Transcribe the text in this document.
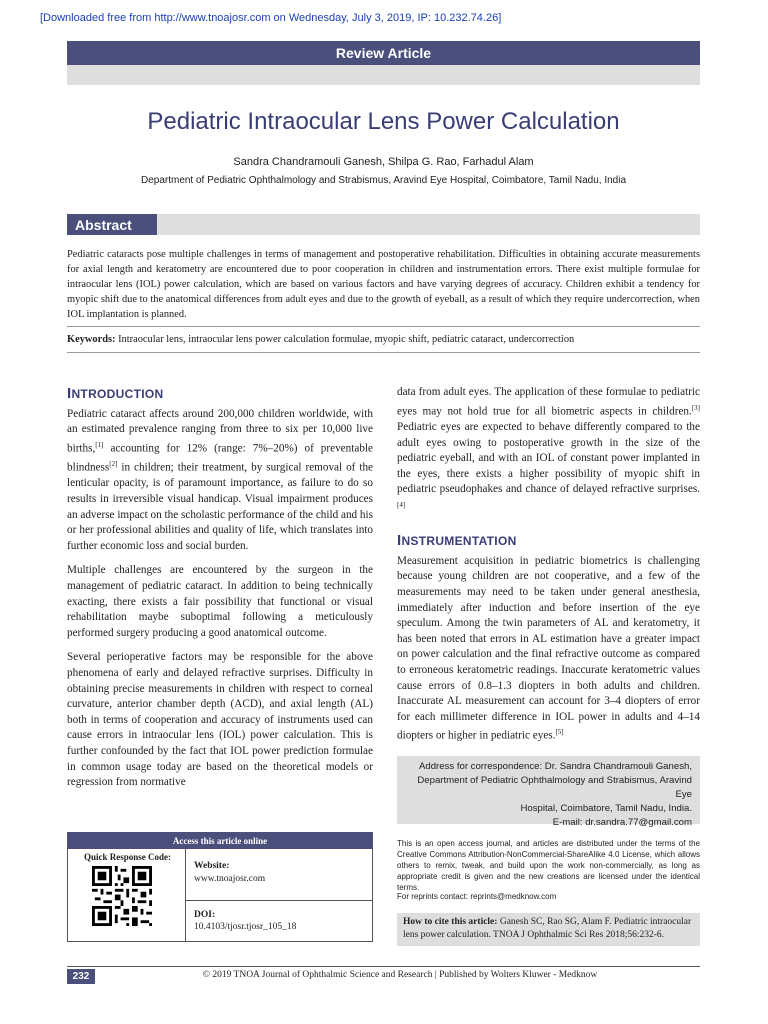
[Downloaded free from http://www.tnoajosr.com on Wednesday, July 3, 2019, IP: 10.232.74.26]
Review Article
Pediatric Intraocular Lens Power Calculation
Sandra Chandramouli Ganesh, Shilpa G. Rao, Farhadul Alam
Department of Pediatric Ophthalmology and Strabismus, Aravind Eye Hospital, Coimbatore, Tamil Nadu, India
Abstract
Pediatric cataracts pose multiple challenges in terms of management and postoperative rehabilitation. Difficulties in obtaining accurate measurements for axial length and keratometry are encountered due to poor cooperation in children and instrumentation errors. There exist multiple formulae for intraocular lens (IOL) power calculation, which are based on various factors and have varying degrees of accuracy. Children exhibit a tendency for myopic shift due to the anatomical differences from adult eyes and due to the growth of eyeball, as a result of which they require undercorrection, when IOL implantation is planned.
Keywords: Intraocular lens, intraocular lens power calculation formulae, myopic shift, pediatric cataract, undercorrection
INTRODUCTION

Pediatric cataract affects around 200,000 children worldwide, with an estimated prevalence ranging from three to six per 10,000 live births,[1] accounting for 12% (range: 7%–20%) of preventable blindness[2] in children; their treatment, by surgical removal of the lenticular opacity, is of paramount importance, as failure to do so results in irreversible visual handicap. Visual impairment produces an adverse impact on the scholastic performance of the child and his or her professional abilities and quality of life, which translates into further economic loss and social burden.

Multiple challenges are encountered by the surgeon in the management of pediatric cataract. In addition to being technically exacting, there exists a fair possibility that functional or visual rehabilitation maybe suboptimal following a meticulously performed surgery producing a good anatomical outcome.

Several perioperative factors may be responsible for the above phenomena of early and delayed refractive surprises. Difficulty in obtaining precise measurements in children with respect to corneal curvature, anterior chamber depth (ACD), and axial length (AL) both in terms of cooperation and accuracy of instruments used can cause errors in intraocular lens (IOL) power calculation. This is further confounded by the fact that IOL power prediction formulae in common usage today are based on the theoretical models or regression from normative

data from adult eyes. The application of these formulae to pediatric eyes may not hold true for all biometric aspects in children.[3] Pediatric eyes are expected to behave differently compared to the adult eyes owing to postoperative growth in the size of the pediatric eyeball, and with an IOL of constant power implanted in the eyes, there exists a higher possibility of myopic shift in pediatric pseudophakes and chance of delayed refractive surprises.[4]

INSTRUMENTATION

Measurement acquisition in pediatric biometrics is challenging because young children are not cooperative, and a few of the measurements may need to be taken under general anesthesia, immediately after induction and before insertion of the eye speculum. Among the twin parameters of AL and keratometry, it has been noted that errors in AL estimation have a greater impact on power calculation and the final refractive outcome as compared to erroneous keratometric readings. Inaccurate keratometric values cause errors of 0.8–1.3 diopters in both adults and children. Inaccurate AL measurement can account for 3–4 diopters of error for each millimeter difference in IOL power in adults and 4–14 diopters or higher in pediatric eyes.[5]

Address for correspondence: Dr. Sandra Chandramouli Ganesh,
Department of Pediatric Ophthalmology and Strabismus, Aravind Eye
Hospital, Coimbatore, Tamil Nadu, India.
E-mail: dr.sandra.77@gmail.com
Access this article online
Quick Response Code:
Website:
www.tnoajosr.com
DOI:
10.4103/tjosr.tjosr_105_18
This is an open access journal, and articles are distributed under the terms of the Creative Commons Attribution-NonCommercial-ShareAlike 4.0 License, which allows others to remix, tweak, and build upon the work non-commercially, as long as appropriate credit is given and the new creations are licensed under the identical terms.
For reprints contact: reprints@medknow.com
How to cite this article: Ganesh SC, Rao SG, Alam F. Pediatric intraocular lens power calculation. TNOA J Ophthalmic Sci Res 2018;56:232-6.
232	© 2019 TNOA Journal of Ophthalmic Science and Research | Published by Wolters Kluwer - Medknow
